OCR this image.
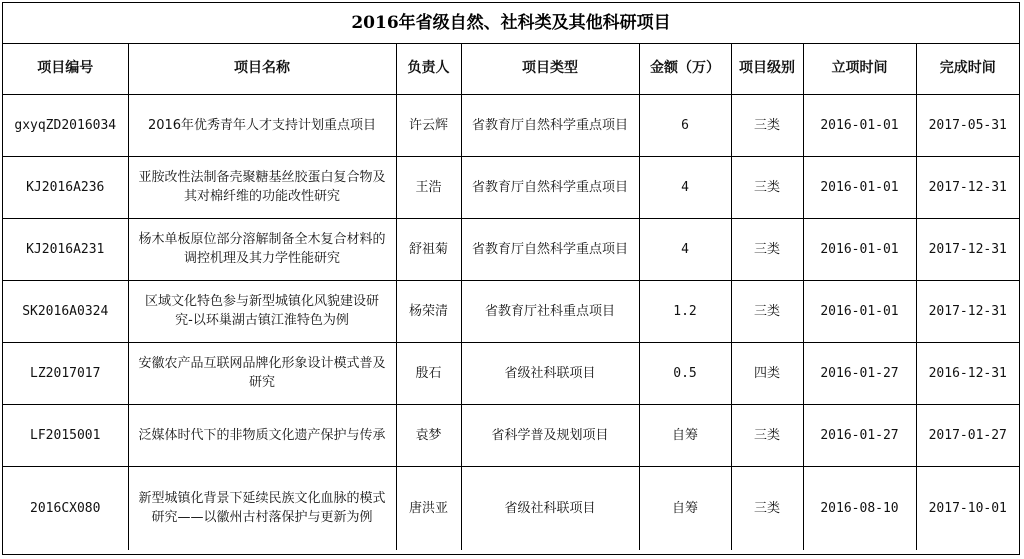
2016年省级自然、社科类及其他科研项目
项目编号	项目名称	负责人	项目类型	金额（万）	项目级别	立项时间	完成时间
gxyqZD2016034	2016年优秀青年人才支持计划重点项目	许云辉	省教育厅自然科学重点项目	6	三类	2016-01-01	2017-05-31
KJ2016A236	亚胺改性法制备壳聚糖基丝胶蛋白复合物及其对棉纤维的功能改性研究	王浩	省教育厅自然科学重点项目	4	三类	2016-01-01	2017-12-31
KJ2016A231	杨木单板原位部分溶解制备全木复合材料的调控机理及其力学性能研究	舒祖菊	省教育厅自然科学重点项目	4	三类	2016-01-01	2017-12-31
SK2016A0324	区域文化特色参与新型城镇化风貌建设研究-以环巢湖古镇江淮特色为例	杨荣清	省教育厅社科重点项目	1.2	三类	2016-01-01	2017-12-31
LZ2017017	安徽农产品互联网品牌化形象设计模式普及研究	殷石	省级社科联项目	0.5	四类	2016-01-27	2016-12-31
LF2015001	泛媒体时代下的非物质文化遗产保护与传承	袁梦	省科学普及规划项目	自筹	三类	2016-01-27	2017-01-27
2016CX080	新型城镇化背景下延续民族文化血脉的模式研究——以徽州古村落保护与更新为例	唐洪亚	省级社科联项目	自筹	三类	2016-08-10	2017-10-01
